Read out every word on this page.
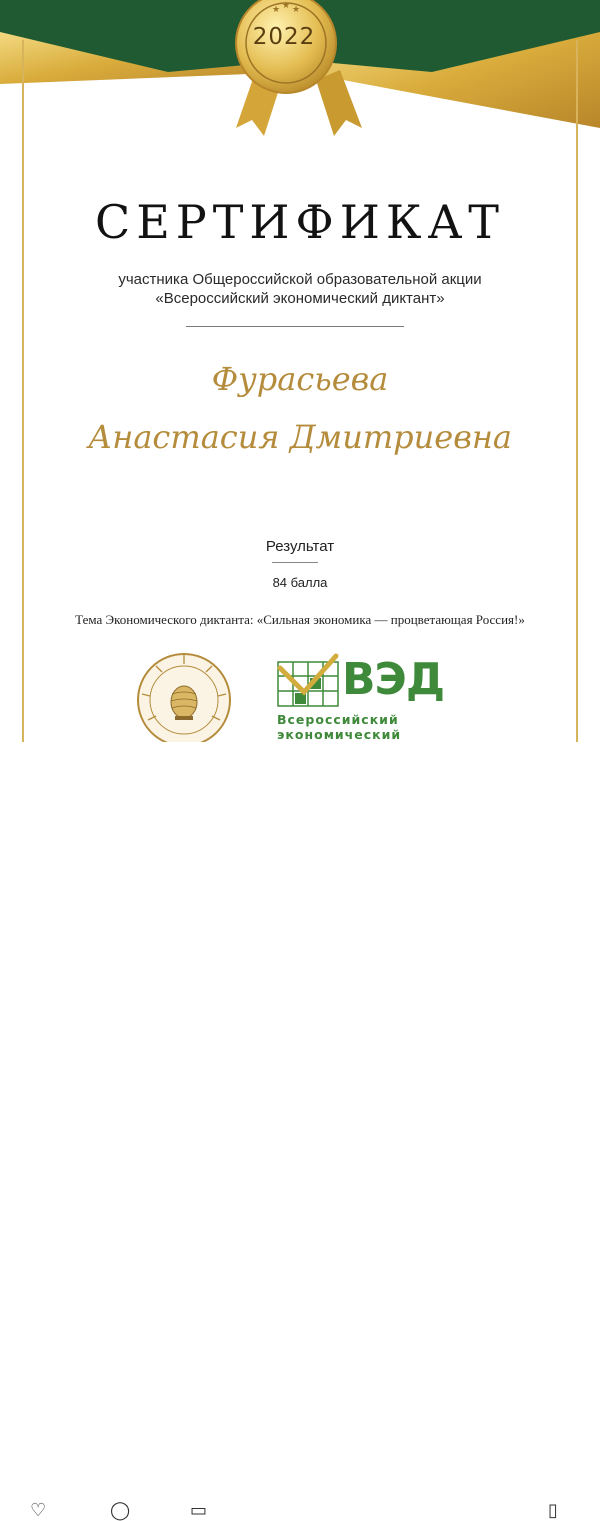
★ ★ ★
2022
СЕРТИФИКАТ
участника Общероссийской образовательной акции
«Всероссийский экономический диктант»
Фурасьева
Анастасия Дмитриевна
Результат
84 балла
Тема Экономического диктанта: «Сильная экономика — процветающая Россия!»
ВЭД
Всероссийский
экономический
♡	◯	▭	▯
